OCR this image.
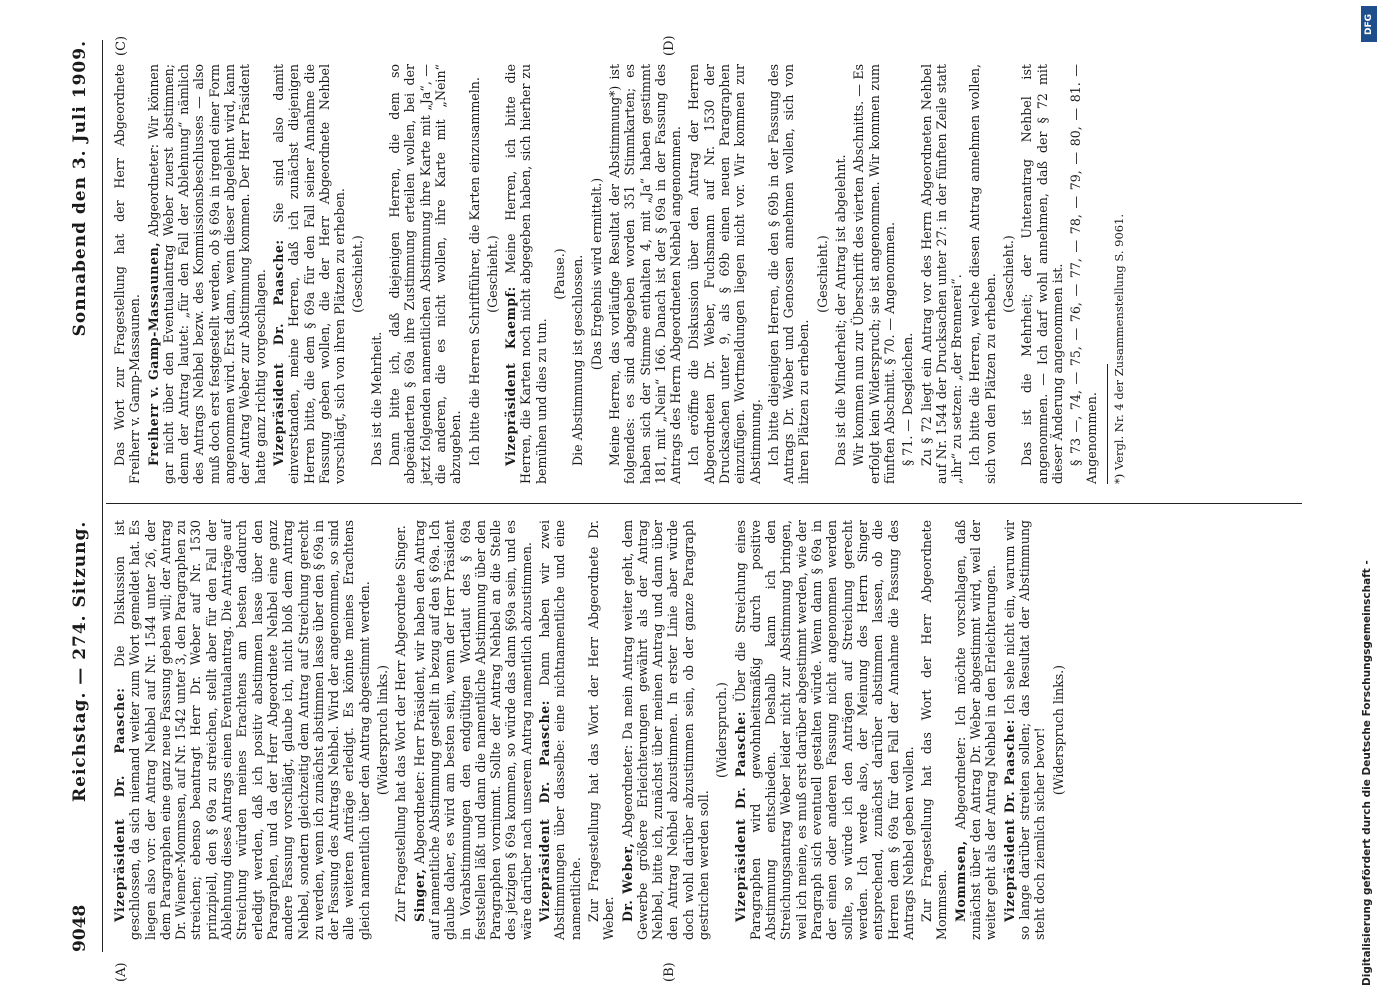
9048
Reichstag. — 274. Sitzung.
Sonnabend den 3. Juli 1909.
(A)	(B)
(C)	(D)

Vizepräsident Dr. Paasche: Die Diskussion ist geschlossen, da sich niemand weiter zum Wort gemeldet hat. Es liegen also vor: der Antrag Nehbel auf Nr. 1544 unter 26, der dem Paragraphen eine ganz neue Fassung geben will; der Antrag Dr. Wiemer-Mommsen, auf Nr. 1542 unter 3, den Paragraphen zu streichen; ebenso beantragt Herr Dr. Weber auf Nr. 1530 prinzipiell, den § 69a zu streichen, stellt aber für den Fall der Ablehnung dieses Antrags einen Eventualantrag. Die Anträge auf Streichung würden meines Erachtens am besten dadurch erledigt werden, daß ich positiv abstimmen lasse über den Paragraphen, und da der Herr Abgeordnete Nehbel eine ganz andere Fassung vorschlägt, glaube ich, nicht bloß dem Antrag Nehbel, sondern gleichzeitig dem Antrag auf Streichung gerecht zu werden, wenn ich zunächst abstimmen lasse über den § 69a in der Fassung des Antrags Nehbel. Wird der angenommen, so sind alle weiteren Anträge erledigt. Es könnte meines Erachtens gleich namentlich über den Antrag abgestimmt werden. (Widerspruch links.) Zur Fragestellung hat das Wort der Herr Abgeordnete Singer. Singer, Abgeordneter: Herr Präsident, wir haben den Antrag auf namentliche Abstimmung gestellt in bezug auf den § 69a. Ich glaube daher, es wird am besten sein, wenn der Herr Präsident in Vorabstimmungen den endgültigen Wortlaut des § 69a feststellen läßt und dann die namentliche Abstimmung über den Paragraphen vornimmt. Sollte der Antrag Nehbel an die Stelle des jetzigen § 69a kommen, so würde das dann §69a sein, und es wäre darüber nach unserem Antrag namentlich abzustimmen. Vizepräsident Dr. Paasche: Dann haben wir zwei Abstimmungen über dasselbe: eine nichtnamentliche und eine namentliche. Zur Fragestellung hat das Wort der Herr Abgeordnete Dr. Weber. Dr. Weber, Abgeordneter: Da mein Antrag weiter geht, dem Gewerbe größere Erleichterungen gewährt als der Antrag Nehbel, bitte ich, zunächst über meinen Antrag und dann über den Antrag Nehbel abzustimmen. In erster Linie aber würde doch wohl darüber abzustimmen sein, ob der ganze Paragraph gestrichen werden soll.

(Widerspruch.) Vizepräsident Dr. Paasche: Über die Streichung eines Paragraphen wird gewohnheitsmäßig durch positive Abstimmung entschieden. Deshalb kann ich den Streichungsantrag Weber leider nicht zur Abstimmung bringen, weil ich meine, es muß erst darüber abgestimmt werden, wie der Paragraph sich eventuell gestalten würde. Wenn dann § 69a in der einen oder anderen Fassung nicht angenommen werden sollte, so würde ich den Anträgen auf Streichung gerecht werden. Ich werde also, der Meinung des Herrn Singer entsprechend, zunächst darüber abstimmen lassen, ob die Herren dem § 69a für den Fall der Annahme die Fassung des Antrags Nehbel geben wollen. Zur Fragestellung hat das Wort der Herr Abgeordnete Mommsen. Mommsen, Abgeordneter: Ich möchte vorschlagen, daß zunächst über den Antrag Dr. Weber abgestimmt wird, weil der weiter geht als der Antrag Nehbel in den Erleichterungen. Vizepräsident Dr. Paasche: Ich sehe nicht ein, warum wir so lange darüber streiten sollen; das Resultat der Abstimmung steht doch ziemlich sicher bevor! (Widerspruch links.)

Das Wort zur Fragestellung hat der Herr Abgeordnete Freiherr v. Gamp-Massaunen. Freiherr v. Gamp-Massaunen, Abgeordneter: Wir können gar nicht über den Eventualantrag Weber zuerst abstimmen; denn der Antrag lautet: „für den Fall der Ablehnung“ nämlich des Antrags Nehbel bezw. des Kommissionsbeschlusses — also muß doch erst festgestellt werden, ob § 69a in irgend einer Form angenommen wird. Erst dann, wenn dieser abgelehnt wird, kann der Antrag Weber zur Abstimmung kommen. Der Herr Präsident hatte ganz richtig vorgeschlagen. Vizepräsident Dr. Paasche: Sie sind also damit einverstanden, meine Herren, daß ich zunächst diejenigen Herren bitte, die dem § 69a für den Fall seiner Annahme die Fassung geben wollen, die der Herr Abgeordnete Nehbel vorschlägt, sich von ihren Plätzen zu erheben. (Geschieht.)

Das ist die Mehrheit. Dann bitte ich, daß diejenigen Herren, die dem so abgeänderten § 69a ihre Zustimmung erteilen wollen, bei der jetzt folgenden namentlichen Abstimmung ihre Karte mit „Ja“, — die anderen, die es nicht wollen, ihre Karte mit „Nein“ abzugeben. Ich bitte die Herren Schriftführer, die Karten einzusammeln. (Geschieht.)

Vizepräsident Kaempf: Meine Herren, ich bitte die Herren, die Karten noch nicht abgegeben haben, sich hierher zu bemühen und dies zu tun.

(Pause.) Die Abstimmung ist geschlossen. (Das Ergebnis wird ermittelt.) Meine Herren, das vorläufige Resultat der Abstimmung*) ist folgendes: es sind abgegeben worden 351 Stimmkarten; es haben sich der Stimme enthalten 4, mit „Ja“ haben gestimmt 181, mit „Nein“ 166. Danach ist der § 69a in der Fassung des Antrags des Herrn Abgeordneten Nehbel angenommen. Ich eröffne die Diskussion über den Antrag der Herren Abgeordneten Dr. Weber, Fuchsmann auf Nr. 1530 der Drucksachen unter 9, als § 69b einen neuen Paragraphen einzufügen. Wortmeldungen liegen nicht vor. Wir kommen zur Abstimmung. Ich bitte diejenigen Herren, die den § 69b in der Fassung des Antrags Dr. Weber und Genossen annehmen wollen, sich von ihren Plätzen zu erheben.

(Geschieht.) Das ist die Minderheit; der Antrag ist abgelehnt. Wir kommen nun zur Überschrift des vierten Abschnitts. — Es erfolgt kein Widerspruch; sie ist angenommen. Wir kommen zum fünften Abschnitt. § 70. — Angenommen. § 71. — Desgleichen. Zu § 72 liegt ein Antrag vor des Herrn Abgeordneten Nehbel auf Nr. 1544 der Drucksachen unter 27: in der fünften Zeile statt „ihr“ zu setzen: „der Brennerei“. Ich bitte die Herren, welche diesen Antrag annehmen wollen, sich von den Plätzen zu erheben. (Geschieht.) Das ist die Mehrheit; der Unterantrag Nehbel ist angenommen. — Ich darf wohl annehmen, daß der § 72 mit dieser Änderung angenommen ist. § 73 —, 74, — 75, — 76, — 77, — 78, — 79, — 80, — 81. — Angenommen. *) Vergl. Nr. 4 der Zusammenstellung S. 9061.
Digitalisierung gefördert durch die Deutsche Forschungsgemeinschaft -
DFG
